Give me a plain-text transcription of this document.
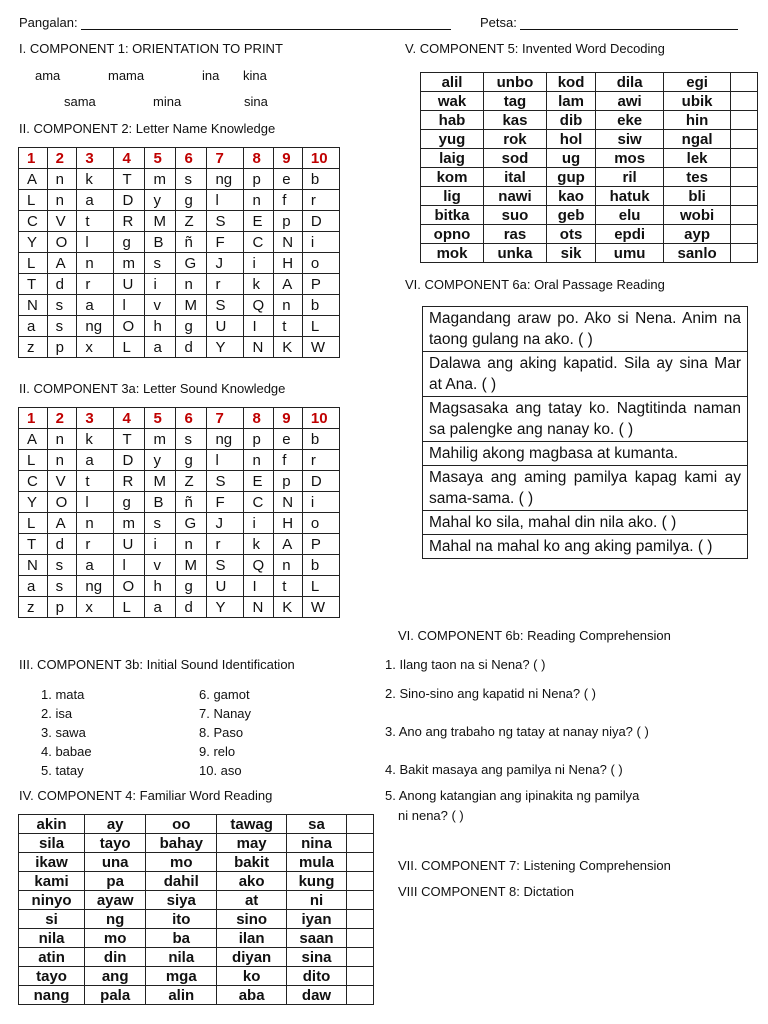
Pangalan:	Petsa:
I. COMPONENT 1: ORIENTATION TO PRINT
ama	mama	ina kina
sama	mina	sina
II. COMPONENT 2: Letter Name Knowledge
1	2	3	4	5	6	7	8	9	10
A	n	k	T	m	s	ng	p	e	b
L	n	a	D	y	g	l	n	f	r
C	V	t	R	M	Z	S	E	p	D
Y	O	l	g	B	ñ	F	C	N	i
L	A	n	m	s	G	J	i	H	o
T	d	r	U	i	n	r	k	A	P
N	s	a	l	v	M	S	Q	n	b
a	s	ng	O	h	g	U	I	t	L
z	p	x	L	a	d	Y	N	K	W
II. COMPONENT 3a: Letter Sound Knowledge
1	2	3	4	5	6	7	8	9	10
A	n	k	T	m	s	ng	p	e	b
L	n	a	D	y	g	l	n	f	r
C	V	t	R	M	Z	S	E	p	D
Y	O	l	g	B	ñ	F	C	N	i
L	A	n	m	s	G	J	i	H	o
T	d	r	U	i	n	r	k	A	P
N	s	a	l	v	M	S	Q	n	b
a	s	ng	O	h	g	U	I	t	L
z	p	x	L	a	d	Y	N	K	W
III. COMPONENT 3b: Initial Sound Identification
1. mata
2. isa
3. sawa
4. babae
5. tatay
6. gamot
7. Nanay
8. Paso
9. relo
10. aso
IV. COMPONENT 4: Familiar Word Reading
akin	ay	oo	tawag	sa	
sila	tayo	bahay	may	nina	
ikaw	una	mo	bakit	mula	
kami	pa	dahil	ako	kung	
ninyo	ayaw	siya	at	ni	
si	ng	ito	sino	iyan	
nila	mo	ba	ilan	saan	
atin	din	nila	diyan	sina	
tayo	ang	mga	ko	dito	
nang	pala	alin	aba	daw	
V. COMPONENT 5: Invented Word Decoding
alil	unbo	kod	dila	egi	
wak	tag	lam	awi	ubik	
hab	kas	dib	eke	hin	
yug	rok	hol	siw	ngal	
laig	sod	ug	mos	lek	
kom	ital	gup	ril	tes	
lig	nawi	kao	hatuk	bli	
bitka	suo	geb	elu	wobi	
opno	ras	ots	epdi	ayp	
mok	unka	sik	umu	sanlo	
VI. COMPONENT 6a: Oral Passage Reading
Magandang araw po. Ako si Nena. Anim na taong gulang na ako. ( )
Dalawa ang aking kapatid. Sila ay sina Mar at Ana. ( )
Magsasaka ang tatay ko. Nagtitinda naman sa palengke ang nanay ko. ( )
Mahilig akong magbasa at kumanta.
Masaya ang aming pamilya kapag kami ay sama-sama. ( )
Mahal ko sila, mahal din nila ako. ( )
Mahal na mahal ko ang aking pamilya. ( )
VI. COMPONENT 6b: Reading Comprehension
1. Ilang taon na si Nena? ( )
2. Sino-sino ang kapatid ni Nena? ( )
3. Ano ang trabaho ng tatay at nanay niya? ( )
4. Bakit masaya ang pamilya ni Nena? ( )
5. Anong katangian ang ipinakita ng pamilya
ni nena? ( )
VII. COMPONENT 7: Listening Comprehension
VIII COMPONENT 8: Dictation
